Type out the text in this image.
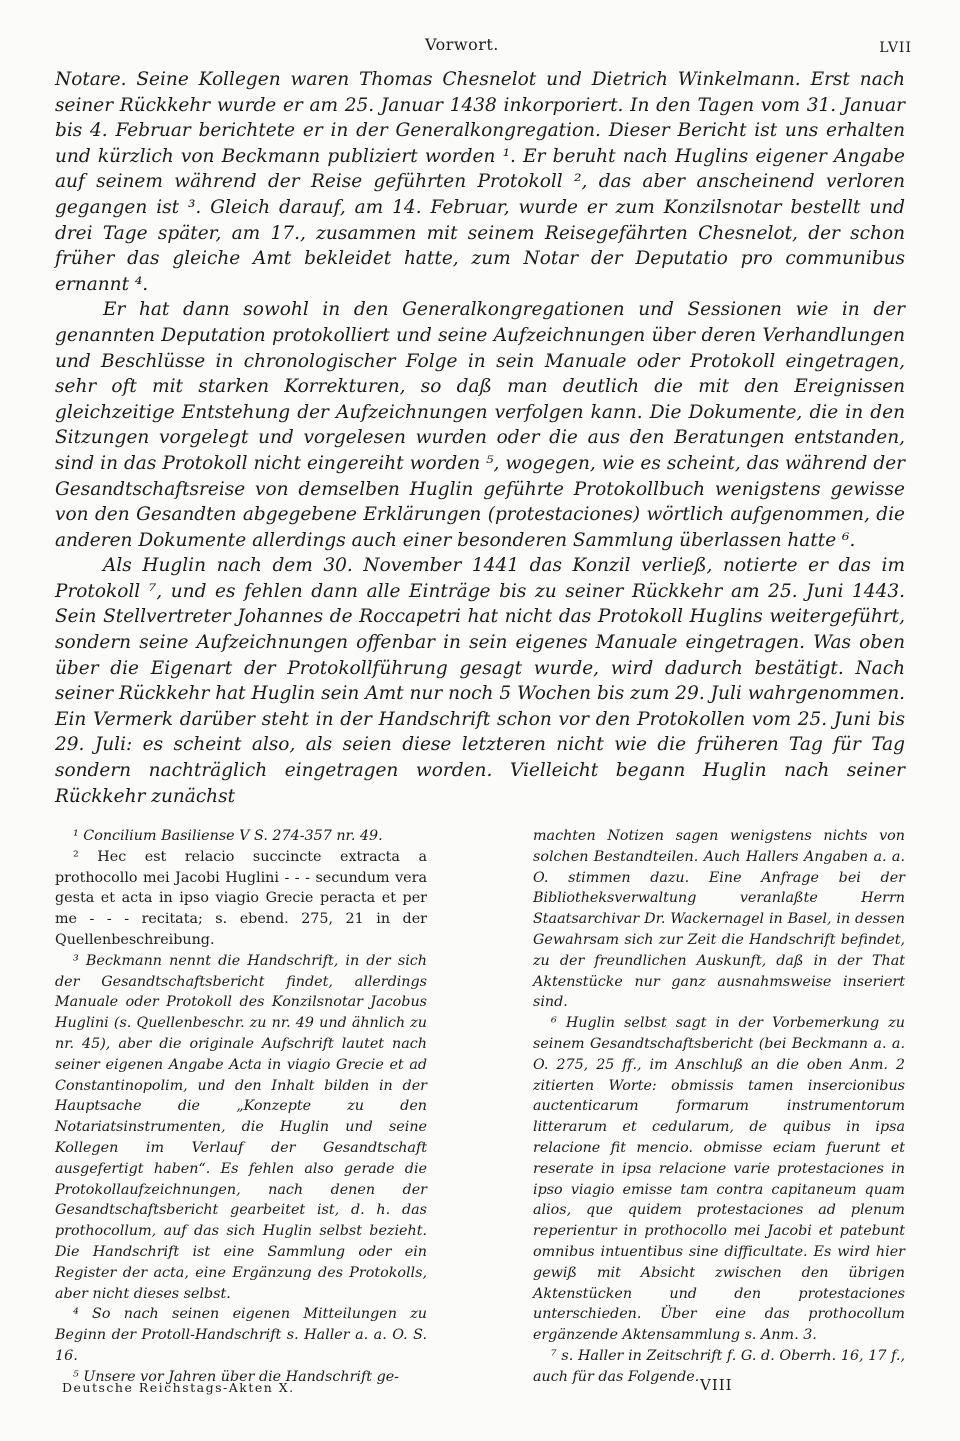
Vorwort.	LVII

Notare. Seine Kollegen waren Thomas Chesnelot und Dietrich Winkelmann. Erst nach seiner Rückkehr wurde er am 25. Januar 1438 inkorporiert. In den Tagen vom 31. Januar bis 4. Februar berichtete er in der Generalkongregation. Dieser Bericht ist uns erhalten und kürzlich von Beckmann publiziert worden ¹. Er beruht nach Huglins eigener Angabe auf seinem während der Reise geführten Protokoll ², das aber anscheinend verloren gegangen ist ³. Gleich darauf, am 14. Februar, wurde er zum Konzilsnotar bestellt und drei Tage später, am 17., zusammen mit seinem Reisegefährten Chesnelot, der schon früher das gleiche Amt bekleidet hatte, zum Notar der Deputatio pro communibus ernannt ⁴.

Er hat dann sowohl in den Generalkongregationen und Sessionen wie in der genannten Deputation protokolliert und seine Aufzeichnungen über deren Verhandlungen und Beschlüsse in chronologischer Folge in sein Manuale oder Protokoll eingetragen, sehr oft mit starken Korrekturen, so daß man deutlich die mit den Ereignissen gleichzeitige Entstehung der Aufzeichnungen verfolgen kann. Die Dokumente, die in den Sitzungen vorgelegt und vorgelesen wurden oder die aus den Beratungen entstanden, sind in das Protokoll nicht eingereiht worden ⁵, wogegen, wie es scheint, das während der Gesandtschaftsreise von demselben Huglin geführte Protokollbuch wenigstens gewisse von den Gesandten abgegebene Erklärungen (protestaciones) wörtlich aufgenommen, die anderen Dokumente allerdings auch einer besonderen Sammlung überlassen hatte ⁶.

Als Huglin nach dem 30. November 1441 das Konzil verließ, notierte er das im Protokoll ⁷, und es fehlen dann alle Einträge bis zu seiner Rückkehr am 25. Juni 1443. Sein Stellvertreter Johannes de Roccapetri hat nicht das Protokoll Huglins weitergeführt, sondern seine Aufzeichnungen offenbar in sein eigenes Manuale eingetragen. Was oben über die Eigenart der Protokollführung gesagt wurde, wird dadurch bestätigt. Nach seiner Rückkehr hat Huglin sein Amt nur noch 5 Wochen bis zum 29. Juli wahrgenommen. Ein Vermerk darüber steht in der Handschrift schon vor den Protokollen vom 25. Juni bis 29. Juli: es scheint also, als seien diese letzteren nicht wie die früheren Tag für Tag sondern nachträglich eingetragen worden. Vielleicht begann Huglin nach seiner Rückkehr zunächst

¹ Concilium Basiliense V S. 274-357 nr. 49.

² Hec est relacio succincte extracta a prothocollo mei Jacobi Huglini - - - secundum vera gesta et acta in ipso viagio Grecie peracta et per me - - - recitata; s. ebend. 275, 21 in der Quellenbeschreibung.

³ Beckmann nennt die Handschrift, in der sich der Gesandtschaftsbericht findet, allerdings Manuale oder Protokoll des Konzilsnotar Jacobus Huglini (s. Quellenbeschr. zu nr. 49 und ähnlich zu nr. 45), aber die originale Aufschrift lautet nach seiner eigenen Angabe Acta in viagio Grecie et ad Constantinopolim, und den Inhalt bilden in der Hauptsache die „Konzepte zu den Notariatsinstrumenten, die Huglin und seine Kollegen im Verlauf der Gesandtschaft ausgefertigt haben“. Es fehlen also gerade die Protokollaufzeichnungen, nach denen der Gesandtschaftsbericht gearbeitet ist, d. h. das prothocollum, auf das sich Huglin selbst bezieht. Die Handschrift ist eine Sammlung oder ein Register der acta, eine Ergänzung des Protokolls, aber nicht dieses selbst.

⁴ So nach seinen eigenen Mitteilungen zu Beginn der Protoll-Handschrift s. Haller a. a. O. S. 16.

⁵ Unsere vor Jahren über die Handschrift ge-

machten Notizen sagen wenigstens nichts von solchen Bestandteilen. Auch Hallers Angaben a. a. O. stimmen dazu. Eine Anfrage bei der Bibliotheksverwaltung veranlaßte Herrn Staatsarchivar Dr. Wackernagel in Basel, in dessen Gewahrsam sich zur Zeit die Handschrift befindet, zu der freundlichen Auskunft, daß in der That Aktenstücke nur ganz ausnahmsweise inseriert sind.

⁶ Huglin selbst sagt in der Vorbemerkung zu seinem Gesandtschaftsbericht (bei Beckmann a. a. O. 275, 25 ff., im Anschluß an die oben Anm. 2 zitierten Worte: obmissis tamen insercionibus auctenticarum formarum instrumentorum litterarum et cedularum, de quibus in ipsa relacione fit mencio. obmisse eciam fuerunt et reserate in ipsa relacione varie protestaciones in ipso viagio emisse tam contra capitaneum quam alios, que quidem protestaciones ad plenum reperientur in prothocollo mei Jacobi et patebunt omnibus intuentibus sine difficultate. Es wird hier gewiß mit Absicht zwischen den übrigen Aktenstücken und den protestaciones unterschieden. Über eine das prothocollum ergänzende Aktensammlung s. Anm. 3.

⁷ s. Haller in Zeitschrift f. G. d. Oberrh. 16, 17 f., auch für das Folgende.

Deutsche Reichstags-Akten X.	VIII
